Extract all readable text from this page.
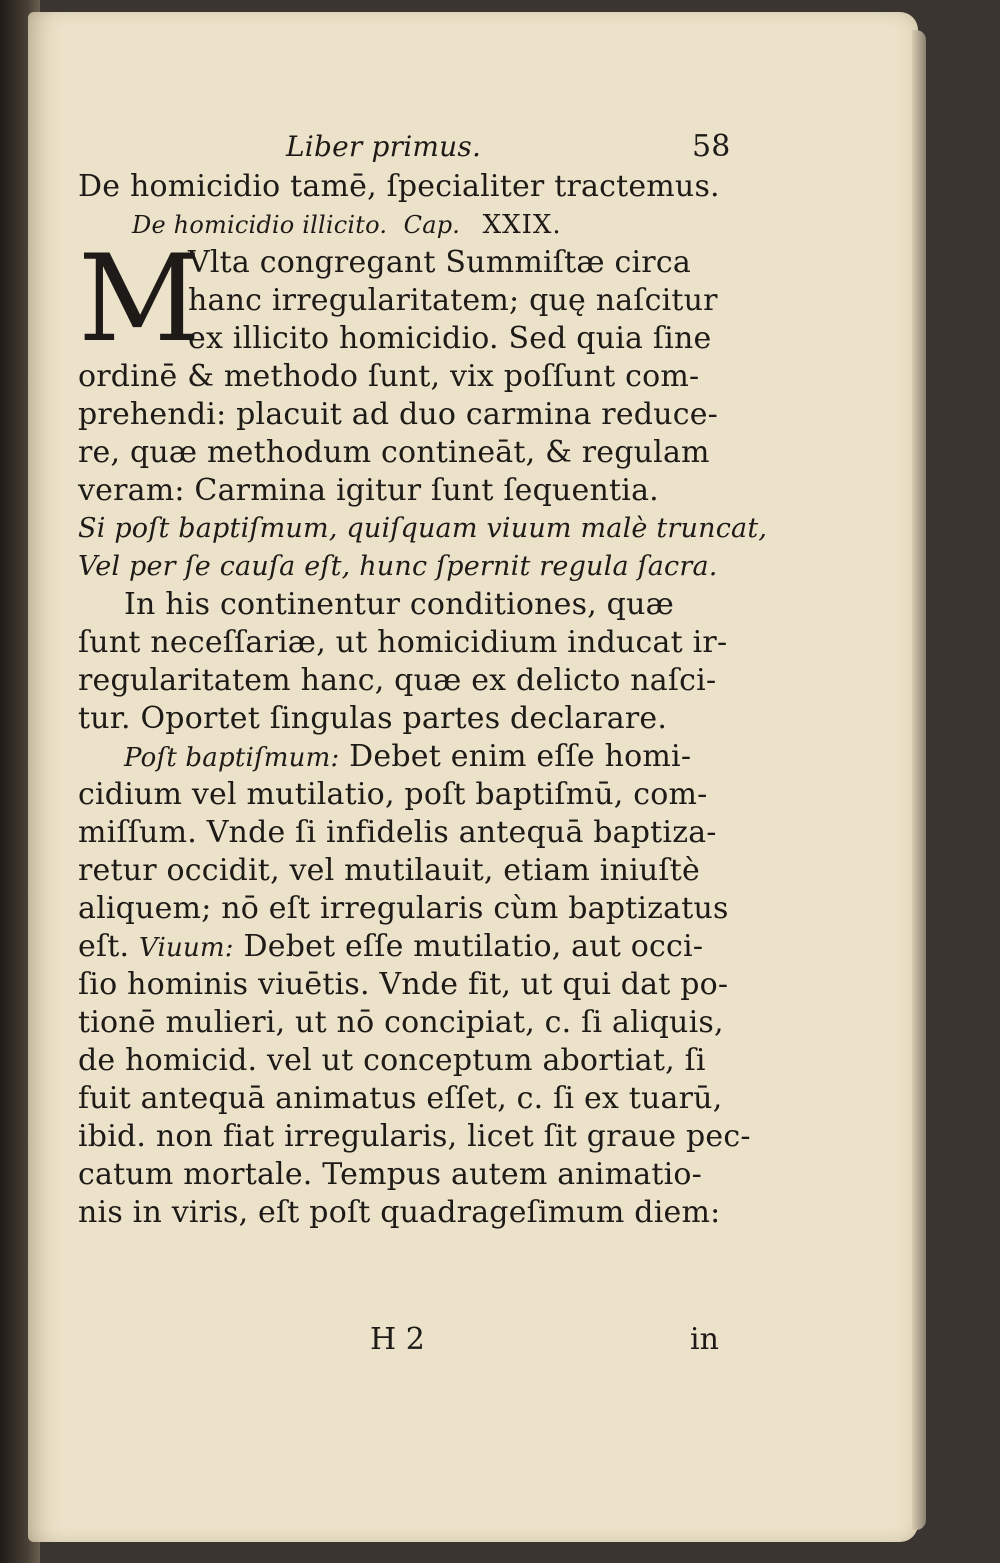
Liber primus.	58
De homicidio tamē, ſpecialiter tractemus.
De homicidio illicito. Cap. XXIX.
M
Vlta congregant Summiſtæ circa
hanc irregularitatem; quę naſcitur
ex illicito homicidio. Sed quia ſine
ordinē & methodo ſunt, vix poſſunt com-
prehendi: placuit ad duo carmina reduce-
re, quæ methodum contineāt, & regulam
veram: Carmina igitur ſunt ſequentia.
Si poſt baptiſmum, quiſquam viuum malè truncat,
Vel per ſe cauſa eſt, hunc ſpernit regula ſacra.
In his continentur conditiones, quæ
ſunt neceſſariæ, ut homicidium inducat ir-
regularitatem hanc, quæ ex delicto naſci-
tur. Oportet ſingulas partes declarare.
Poſt baptiſmum: Debet enim eſſe homi-
cidium vel mutilatio, poſt baptiſmū, com-
miſſum. Vnde ſi infidelis antequā baptiza-
retur occidit, vel mutilauit, etiam iniuſtè
aliquem; nō eſt irregularis cùm baptizatus
eſt. Viuum: Debet eſſe mutilatio, aut occi-
ſio hominis viuētis. Vnde fit, ut qui dat po-
tionē mulieri, ut nō concipiat, c. ſi aliquis,
de homicid. vel ut conceptum abortiat, ſi
fuit antequā animatus eſſet, c. ſi ex tuarū,
ibid. non fiat irregularis, licet ſit graue pec-
catum mortale. Tempus autem animatio-
nis in viris, eſt poſt quadrageſimum diem:
H 2	in
